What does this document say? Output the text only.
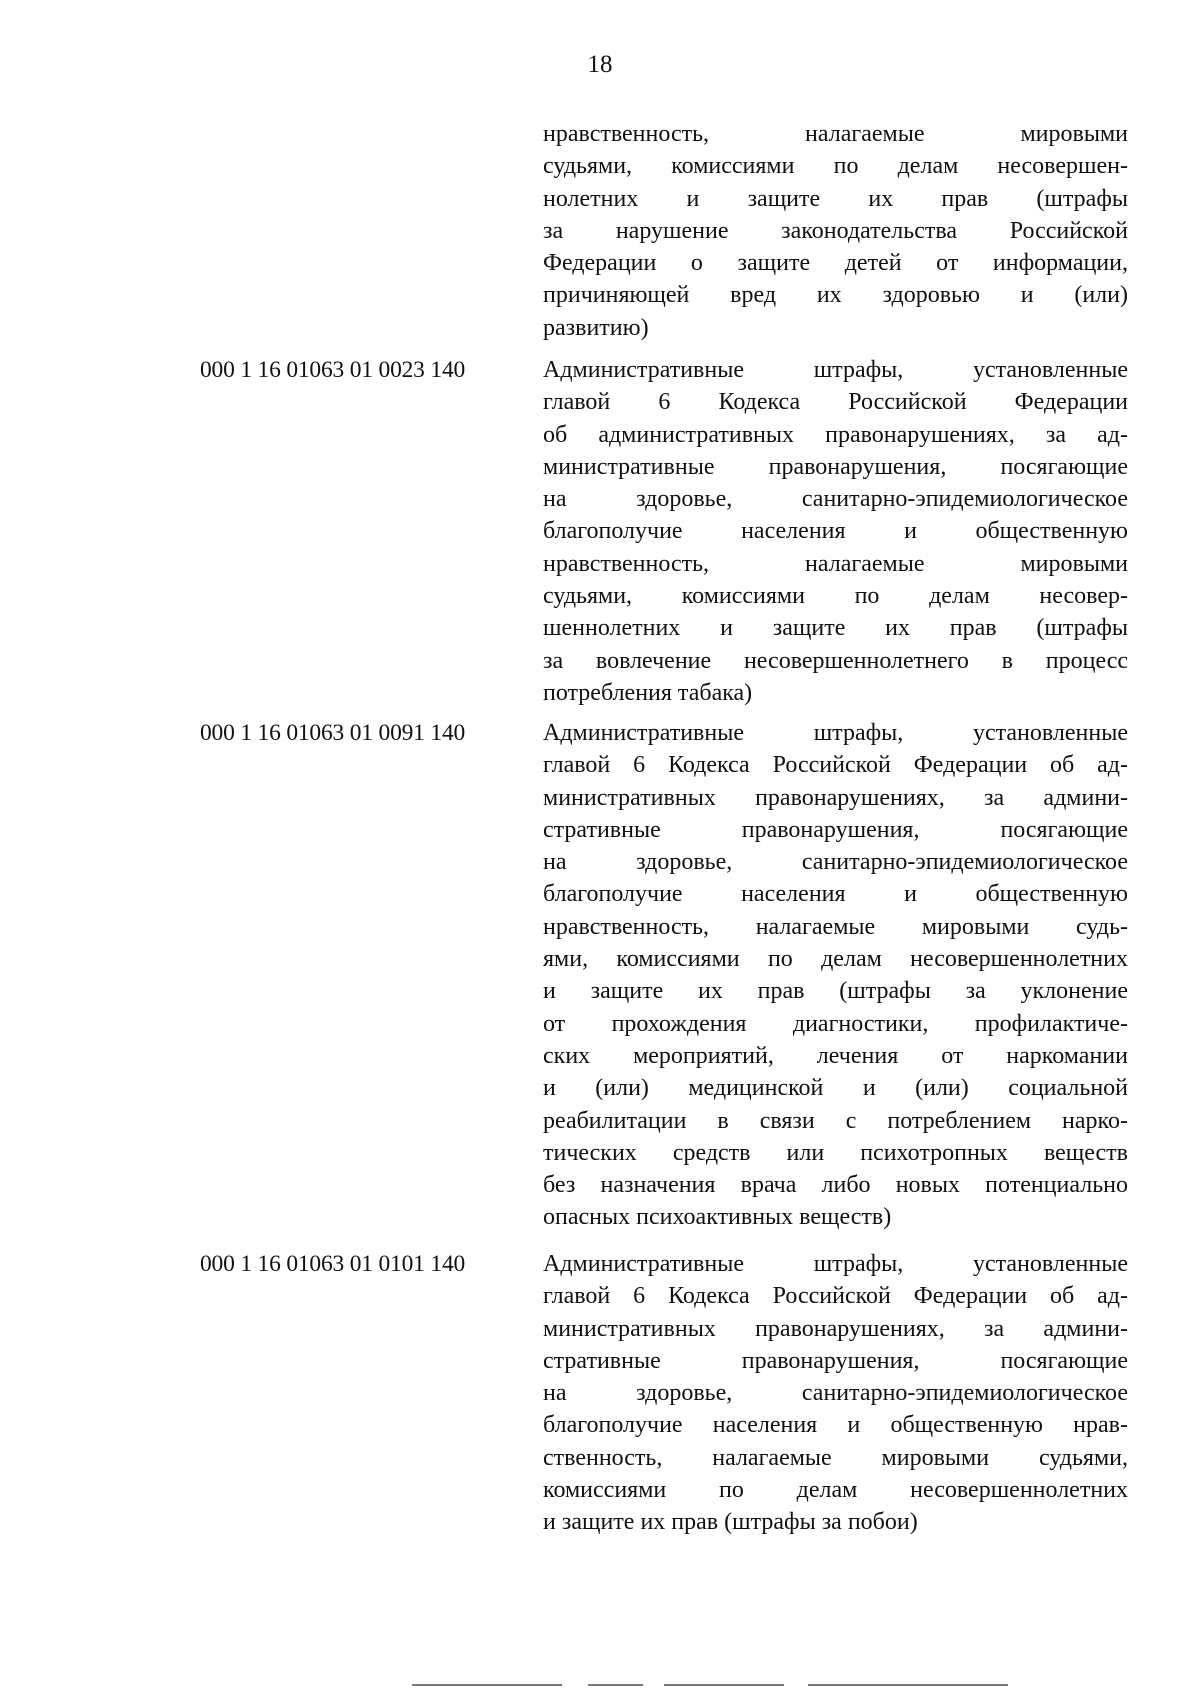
18
нравственность, налагаемые мировыми
судьями, комиссиями по делам несовершен-
нолетних и защите их прав (штрафы
за нарушение законодательства Российской
Федерации о защите детей от информации,
причиняющей вред их здоровью и (или)
развитию)
000 1 16 01063 01 0023 140	Административные штрафы, установленные
главой 6 Кодекса Российской Федерации
об административных правонарушениях, за ад-
министративные правонарушения, посягающие
на здоровье, санитарно-эпидемиологическое
благополучие населения и общественную
нравственность, налагаемые мировыми
судьями, комиссиями по делам несовер-
шеннолетних и защите их прав (штрафы
за вовлечение несовершеннолетнего в процесс
потребления табака)
000 1 16 01063 01 0091 140	Административные штрафы, установленные
главой 6 Кодекса Российской Федерации об ад-
министративных правонарушениях, за админи-
стративные правонарушения, посягающие
на здоровье, санитарно-эпидемиологическое
благополучие населения и общественную
нравственность, налагаемые мировыми судь-
ями, комиссиями по делам несовершеннолетних
и защите их прав (штрафы за уклонение
от прохождения диагностики, профилактиче-
ских мероприятий, лечения от наркомании
и (или) медицинской и (или) социальной
реабилитации в связи с потреблением нарко-
тических средств или психотропных веществ
без назначения врача либо новых потенциально
опасных психоактивных веществ)
000 1 16 01063 01 0101 140	Административные штрафы, установленные
главой 6 Кодекса Российской Федерации об ад-
министративных правонарушениях, за админи-
стративные правонарушения, посягающие
на здоровье, санитарно-эпидемиологическое
благополучие населения и общественную нрав-
ственность, налагаемые мировыми судьями,
комиссиями по делам несовершеннолетних
и защите их прав (штрафы за побои)
